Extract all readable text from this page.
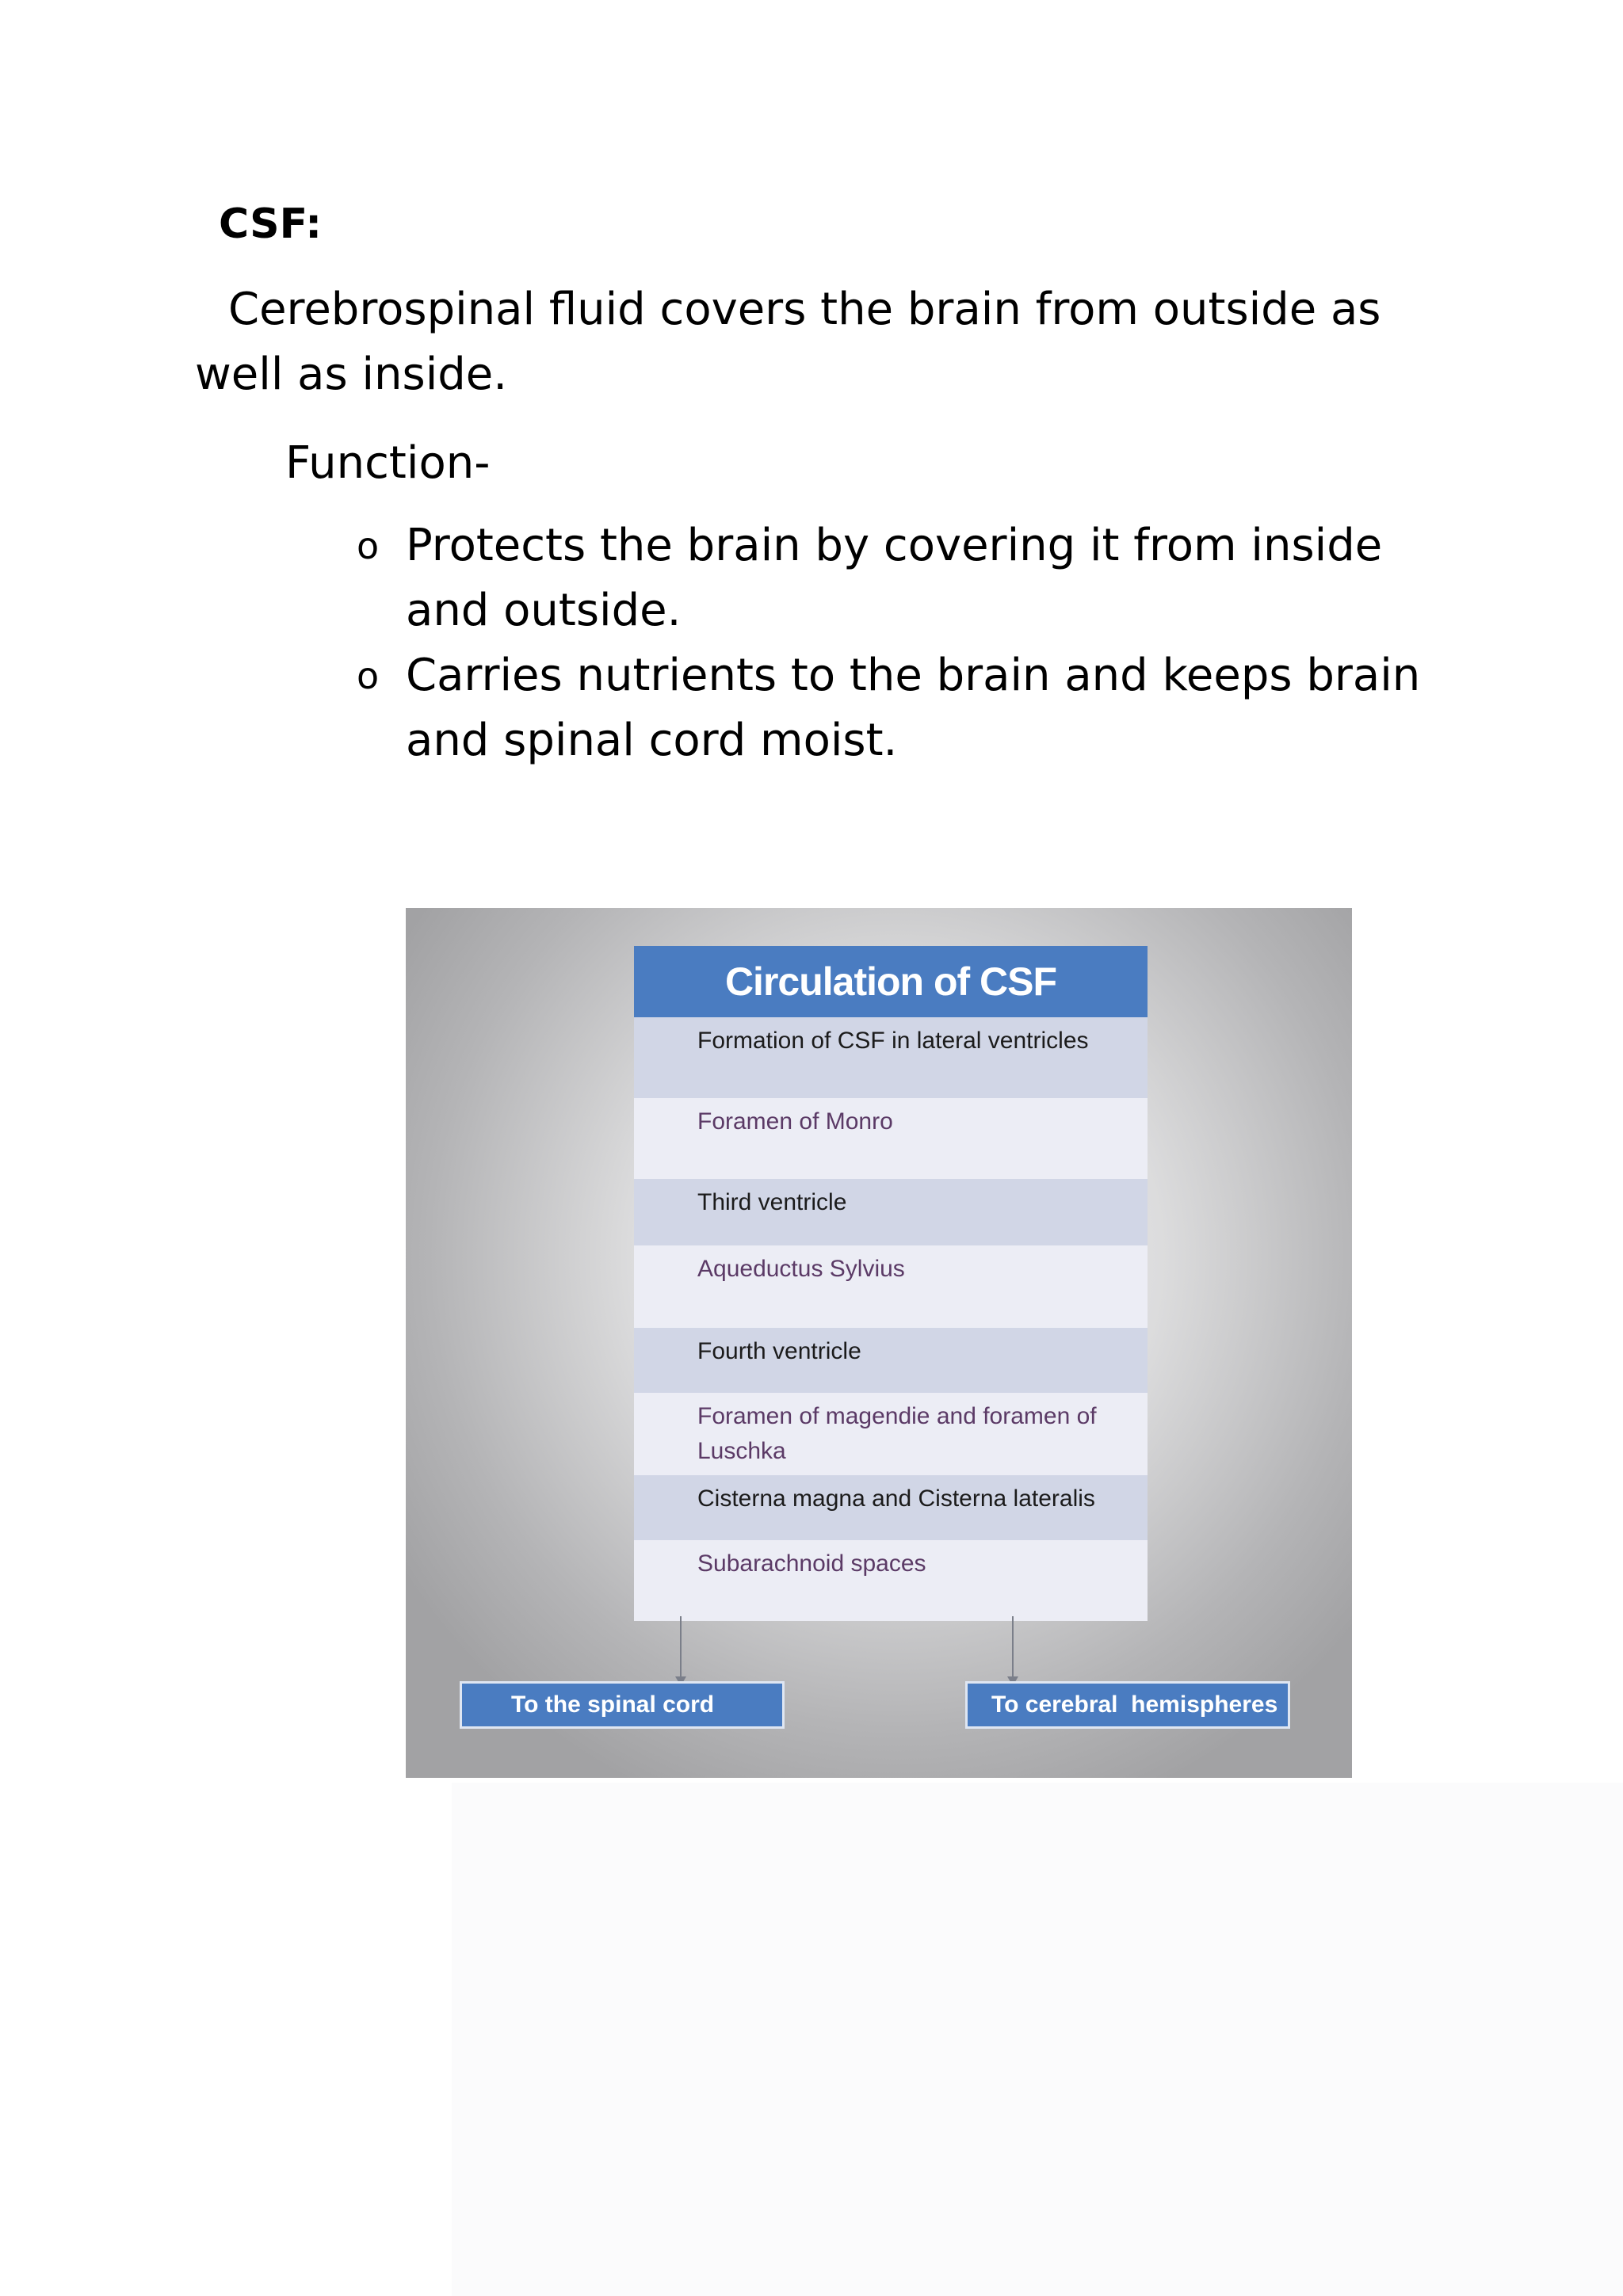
CSF:
Cerebrospinal fluid covers the brain from outside as well as inside.
Function-
o Protects the brain by covering it from inside and outside.
o Carries nutrients to the brain and keeps brain and spinal cord moist.
Circulation of CSF
Formation of CSF in lateral ventricles
Foramen of Monro
Third ventricle
Aqueductus Sylvius
Fourth ventricle
Foramen of magendie and foramen of Luschka
Cisterna magna and Cisterna lateralis
Subarachnoid spaces
To the spinal cord	To cerebral  hemispheres
